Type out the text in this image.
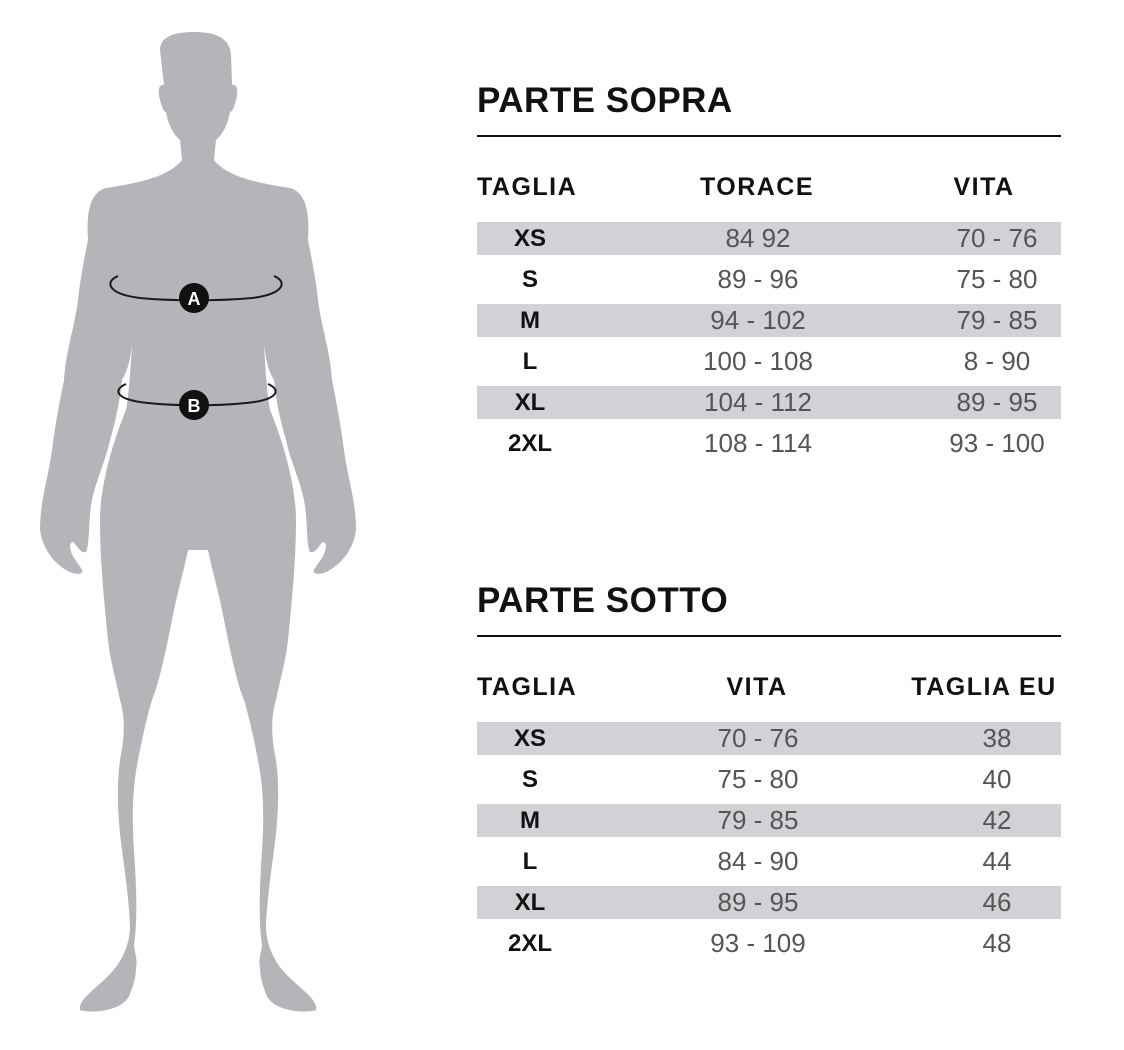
A
B
PARTE SOPRA
TAGLIA	TORACE	VITA
XS	84 92	70 - 76
S	89 - 96	75 - 80
M	94 - 102	79 - 85
L	100 - 108	8 - 90
XL	104 - 112	89 - 95
2XL	108 - 114	93 - 100
PARTE SOTTO
TAGLIA	VITA	TAGLIA EU
XS	70 - 76	38
S	75 - 80	40
M	79 - 85	42
L	84 - 90	44
XL	89 - 95	46
2XL	93 - 109	48
